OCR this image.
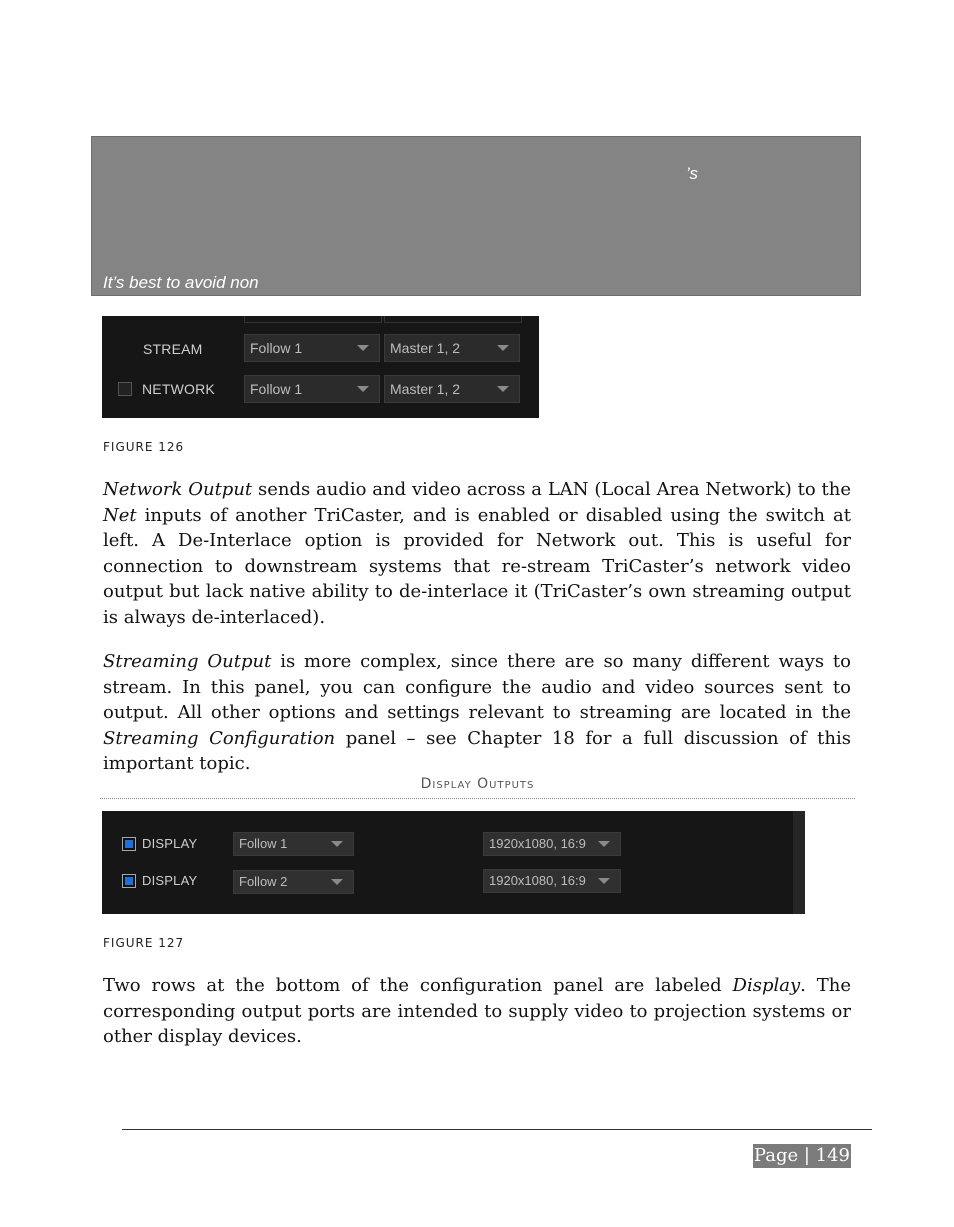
’s
It’s best to avoid non
STREAM	Follow 1	Master 1, 2
NETWORK	Follow 1	Master 1, 2
FIGURE 126

Network Output sends audio and video across a LAN (Local Area Network) to the Net inputs of another TriCaster, and is enabled or disabled using the switch at left. A De-Interlace option is provided for Network out. This is useful for connection to downstream systems that re-stream TriCaster’s network video output but lack native ability to de-interlace it (TriCaster’s own streaming output is always de-interlaced).

Streaming Output is more complex, since there are so many different ways to stream. In this panel, you can configure the audio and video sources sent to output. All other options and settings relevant to streaming are located in the Streaming Configuration panel – see Chapter 18 for a full discussion of this important topic.

Display Outputs
DISPLAY	Follow 1	1920x1080, 16:9
DISPLAY	Follow 2	1920x1080, 16:9
FIGURE 127

Two rows at the bottom of the configuration panel are labeled Display. The corresponding output ports are intended to supply video to projection systems or other display devices.

Page | 149
